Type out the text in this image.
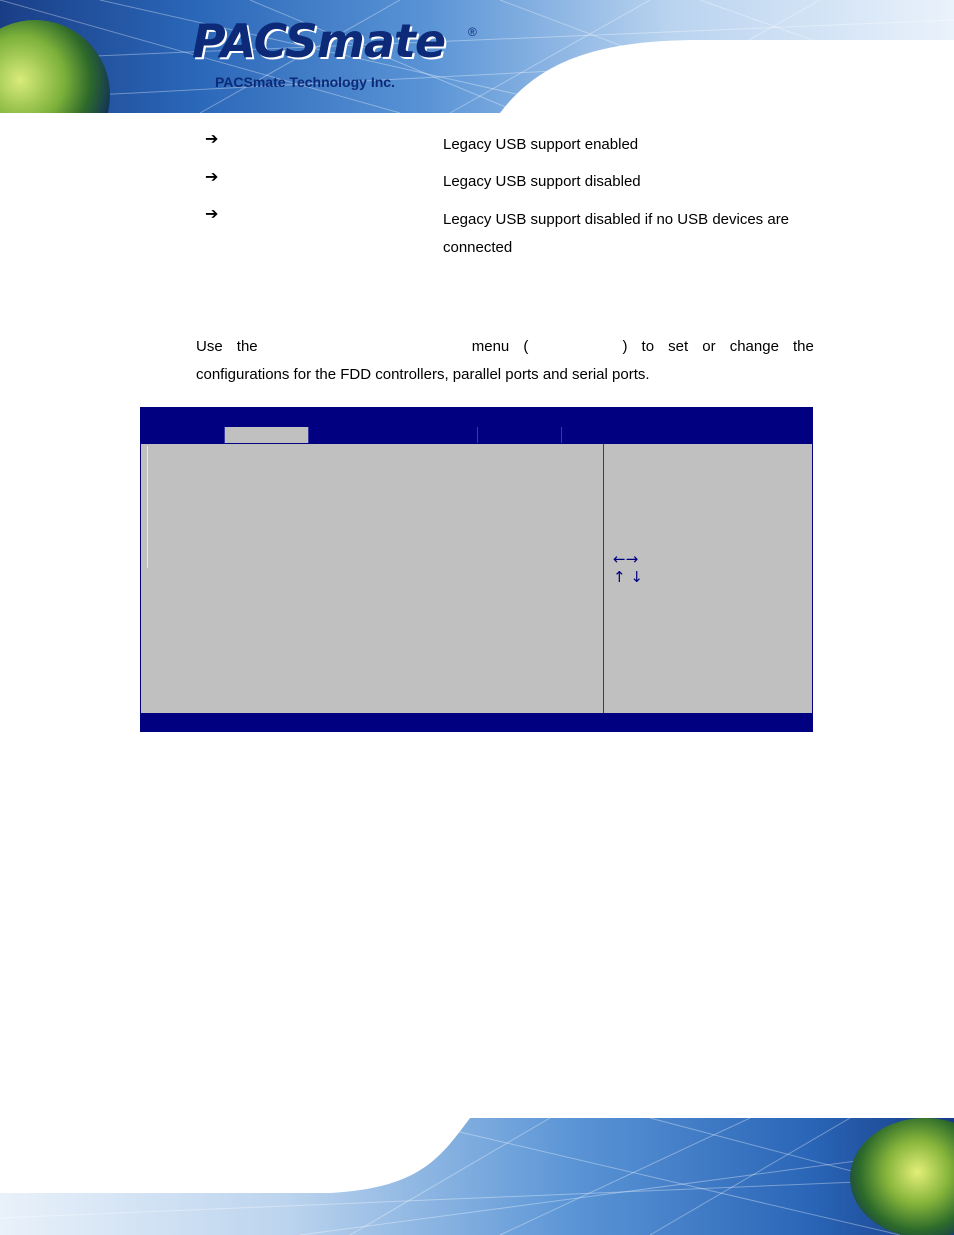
PACSmate ®
PACSmate Technology Inc.
➔	Legacy USB support enabled
➔	Legacy USB support disabled
➔	Legacy USB support disabled if no USB devices are connected
Use the	menu (	) to set or change the
configurations for the FDD controllers, parallel ports and serial ports.
←→
↑ ↓
